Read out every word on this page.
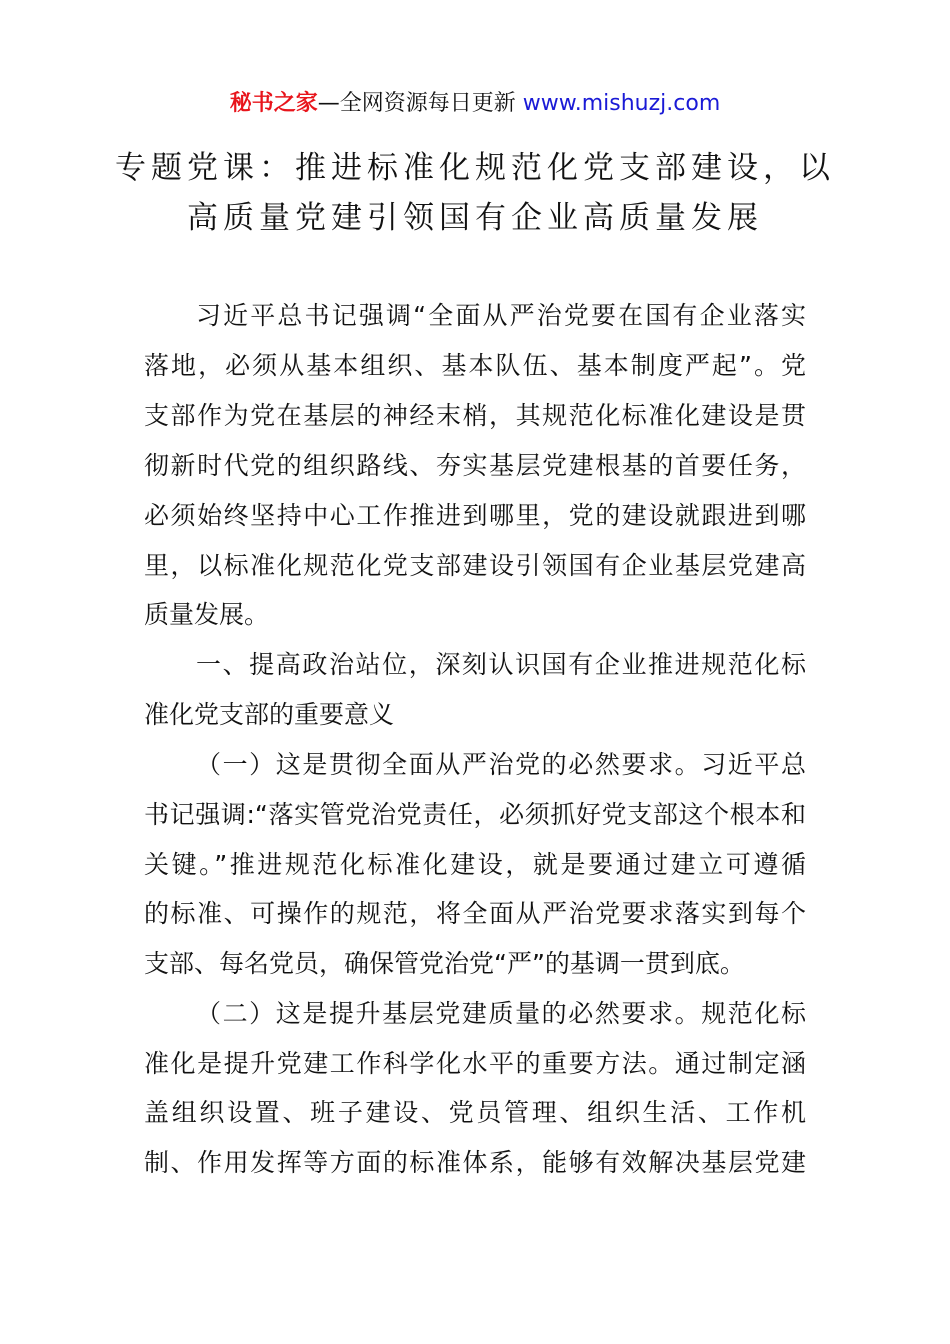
秘书之家—全网资源每日更新 www.mishuzj.com
专题党课：推进标准化规范化党支部建设，以
高质量党建引领国有企业高质量发展
习近平总书记强调“全面从严治党要在国有企业落实
落地，必须从基本组织、基本队伍、基本制度严起”。党
支部作为党在基层的神经末梢，其规范化标准化建设是贯
彻新时代党的组织路线、夯实基层党建根基的首要任务，
必须始终坚持中心工作推进到哪里，党的建设就跟进到哪
里，以标准化规范化党支部建设引领国有企业基层党建高
质量发展。
一、提高政治站位，深刻认识国有企业推进规范化标
准化党支部的重要意义
（一）这是贯彻全面从严治党的必然要求。习近平总
书记强调:“落实管党治党责任，必须抓好党支部这个根本和
关键。”推进规范化标准化建设，就是要通过建立可遵循
的标准、可操作的规范，将全面从严治党要求落实到每个
支部、每名党员，确保管党治党“严”的基调一贯到底。
（二）这是提升基层党建质量的必然要求。规范化标
准化是提升党建工作科学化水平的重要方法。通过制定涵
盖组织设置、班子建设、党员管理、组织生活、工作机
制、作用发挥等方面的标准体系，能够有效解决基层党建
